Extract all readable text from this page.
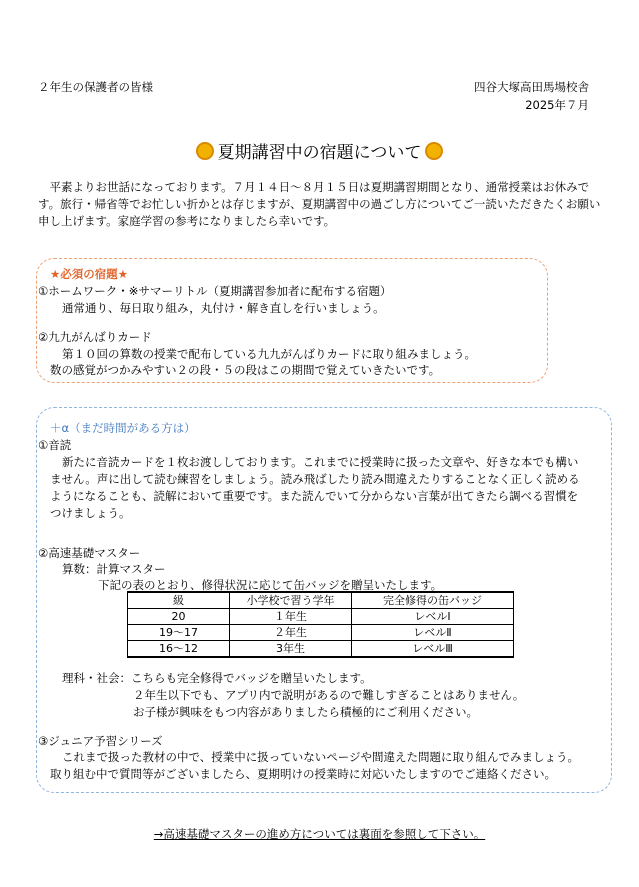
２年生の保護者の皆様	四谷大塚高田馬場校舎
2025年７月
夏期講習中の宿題について

平素よりお世話になっております。７月１４日～８月１５日は夏期講習期間となり、通常授業はお休みです。旅行・帰省等でお忙しい折かとは存じますが、夏期講習中の過ごし方についてご一読いただきたくお願い申し上げます。家庭学習の参考になりましたら幸いです。

★必須の宿題★
①ホームワーク・※サマーリトル（夏期講習参加者に配布する宿題）
通常通り、毎日取り組み，丸付け・解き直しを行いましょう。
②九九がんばりカード
第１０回の算数の授業で配布している九九がんばりカードに取り組みましょう。
数の感覚がつかみやすい２の段・５の段はこの期間で覚えていきたいです。
＋α（まだ時間がある方は）
①音読
新たに音読カードを１枚お渡ししております。これまでに授業時に扱った文章や、好きな本でも構い
ません。声に出して読む練習をしましょう。読み飛ばしたり読み間違えたりすることなく正しく読める
ようになることも、読解において重要です。また読んでいて分からない言葉が出てきたら調べる習慣を
つけましょう。
②高速基礎マスター
算数：計算マスター
下記の表のとおり、修得状況に応じて缶バッジを贈呈いたします。
級	小学校で習う学年	完全修得の缶バッジ
20	１年生	レベルⅠ
19～17	２年生	レベルⅡ
16～12	3年生	レベルⅢ
理科・社会：こちらも完全修得でバッジを贈呈いたします。
２年生以下でも、アプリ内で説明があるので難しすぎることはありません。
お子様が興味をもつ内容がありましたら積極的にご利用ください。
③ジュニア予習シリーズ
これまで扱った教材の中で、授業中に扱っていないページや間違えた問題に取り組んでみましょう。
取り組む中で質問等がございましたら、夏期明けの授業時に対応いたしますのでご連絡ください。
→高速基礎マスターの進め方については裏面を参照して下さい。
